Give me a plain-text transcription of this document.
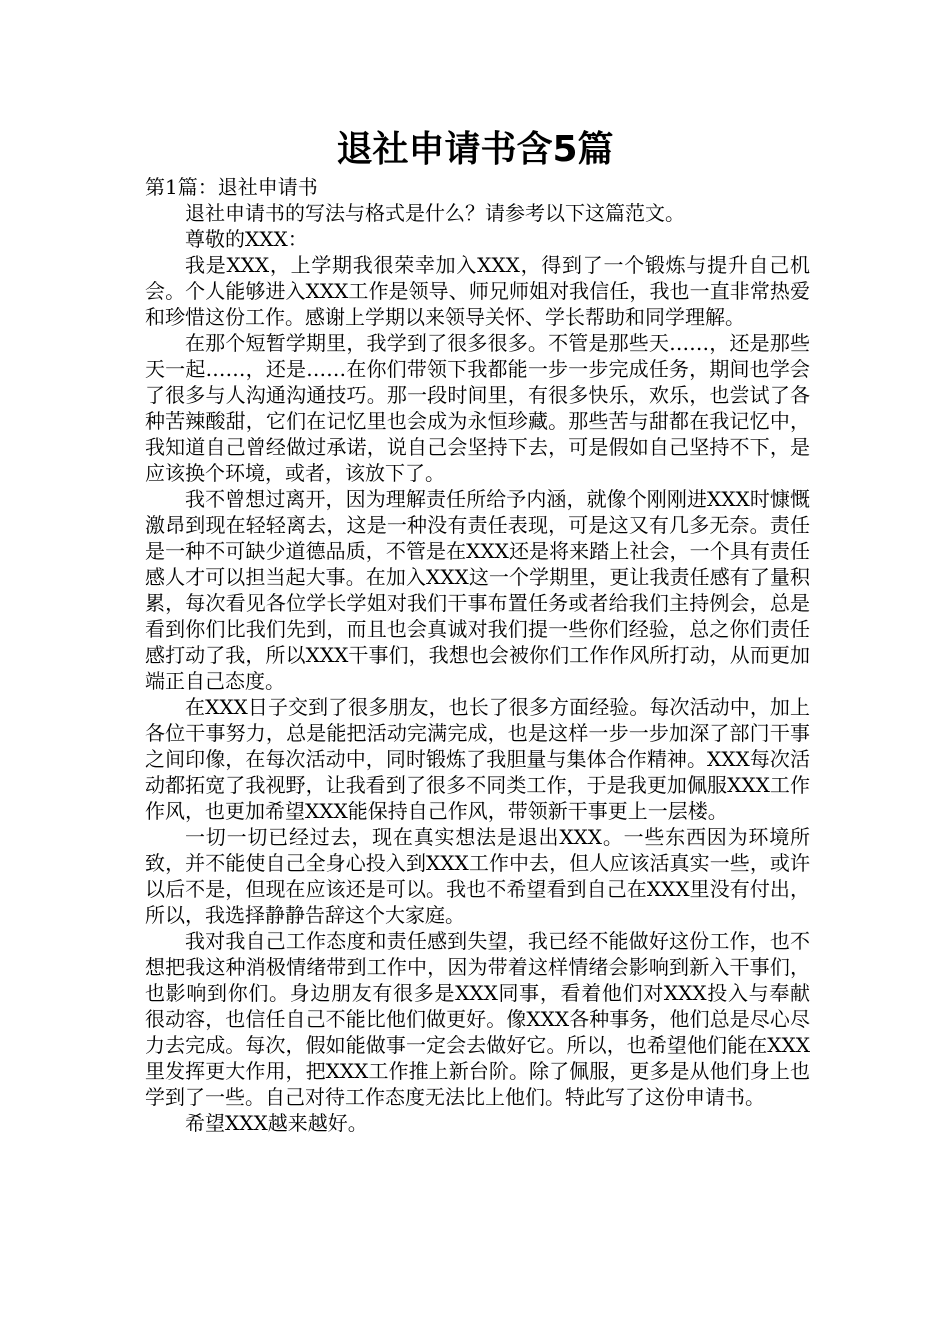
退社申请书含5篇

第1篇：退社申请书

退社申请书的写法与格式是什么？请参考以下这篇范文。

尊敬的XXX：

我是XXX，上学期我很荣幸加入XXX，得到了一个锻炼与提升自己机会。个人能够进入XXX工作是领导、师兄师姐对我信任，我也一直非常热爱和珍惜这份工作。感谢上学期以来领导关怀、学长帮助和同学理解。

在那个短暂学期里，我学到了很多很多。不管是那些天……，还是那些天一起……，还是……在你们带领下我都能一步一步完成任务，期间也学会了很多与人沟通沟通技巧。那一段时间里，有很多快乐，欢乐，也尝试了各种苦辣酸甜，它们在记忆里也会成为永恒珍藏。那些苦与甜都在我记忆中，我知道自己曾经做过承诺，说自己会坚持下去，可是假如自己坚持不下，是应该换个环境，或者，该放下了。

我不曾想过离开，因为理解责任所给予内涵，就像个刚刚进XXX时慷慨激昂到现在轻轻离去，这是一种没有责任表现，可是这又有几多无奈。责任是一种不可缺少道德品质，不管是在XXX还是将来踏上社会，一个具有责任感人才可以担当起大事。在加入XXX这一个学期里，更让我责任感有了量积累，每次看见各位学长学姐对我们干事布置任务或者给我们主持例会，总是看到你们比我们先到，而且也会真诚对我们提一些你们经验，总之你们责任感打动了我，所以XXX干事们，我想也会被你们工作作风所打动，从而更加端正自己态度。

在XXX日子交到了很多朋友，也长了很多方面经验。每次活动中，加上各位干事努力，总是能把活动完满完成，也是这样一步一步加深了部门干事之间印像，在每次活动中，同时锻炼了我胆量与集体合作精神。XXX每次活动都拓宽了我视野，让我看到了很多不同类工作，于是我更加佩服XXX工作作风，也更加希望XXX能保持自己作风，带领新干事更上一层楼。

一切一切已经过去，现在真实想法是退出XXX。一些东西因为环境所致，并不能使自己全身心投入到XXX工作中去，但人应该活真实一些，或许以后不是，但现在应该还是可以。我也不希望看到自己在XXX里没有付出，所以，我选择静静告辞这个大家庭。

我对我自己工作态度和责任感到失望，我已经不能做好这份工作，也不想把我这种消极情绪带到工作中，因为带着这样情绪会影响到新入干事们，也影响到你们。身边朋友有很多是XXX同事，看着他们对XXX投入与奉献很动容，也信任自己不能比他们做更好。像XXX各种事务，他们总是尽心尽力去完成。每次，假如能做事一定会去做好它。所以，也希望他们能在XXX里发挥更大作用，把XXX工作推上新台阶。除了佩服，更多是从他们身上也学到了一些。自己对待工作态度无法比上他们。特此写了这份申请书。

希望XXX越来越好。
